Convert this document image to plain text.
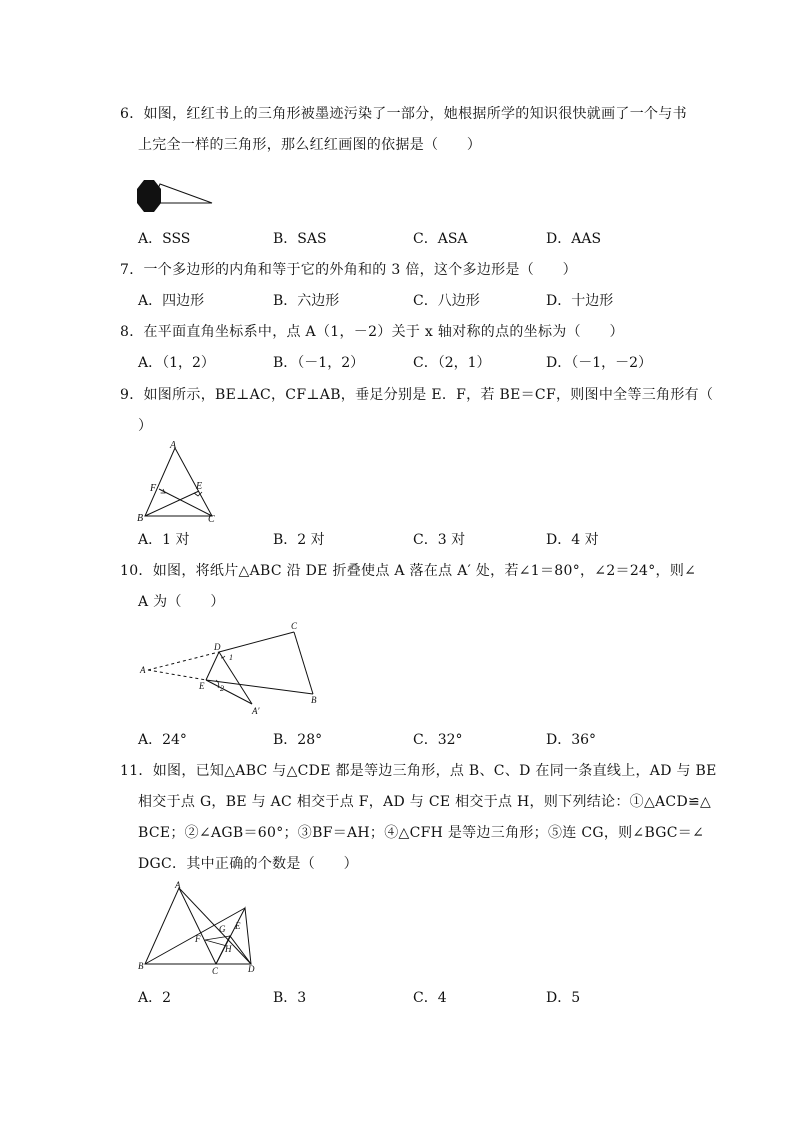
6．如图，红红书上的三角形被墨迹污染了一部分，她根据所学的知识很快就画了一个与书
上完全一样的三角形，那么红红画图的依据是（　　）
A．SSS	B．SAS	C．ASA	D．AAS
7．一个多边形的内角和等于它的外角和的 3 倍，这个多边形是（　　）
A．四边形	B．六边形	C．八边形	D．十边形
8．在平面直角坐标系中，点 A（1，－2）关于 x 轴对称的点的坐标为（　　）
A．（1，2）	B．（－1，2）	C．（2，1）	D．（－1，－2）
9．如图所示，BE⊥AC，CF⊥AB，垂足分别是 E．F，若 BE＝CF，则图中全等三角形有（
）
A
F	E
B	C
A．1 对	B．2 对	C．3 对	D．4 对
10．如图，将纸片△ABC 沿 DE 折叠使点 A 落在点 A′ 处，若∠1＝80°，∠2＝24°，则∠
A 为（　　）
C
D
1
A
E 2
B
A′
A．24°	B．28°	C．32°	D．36°
11．如图，已知△ABC 与△CDE 都是等边三角形，点 B、C、D 在同一条直线上，AD 与 BE
相交于点 G，BE 与 AC 相交于点 F，AD 与 CE 相交于点 H，则下列结论：①△ACD≌△
BCE；②∠AGB＝60°；③BF＝AH；④△CFH 是等边三角形；⑤连 CG，则∠BGC＝∠
DGC．其中正确的个数是（　　）
A
G E
F
H
B	C	D
A．2	B．3	C．4	D．5
